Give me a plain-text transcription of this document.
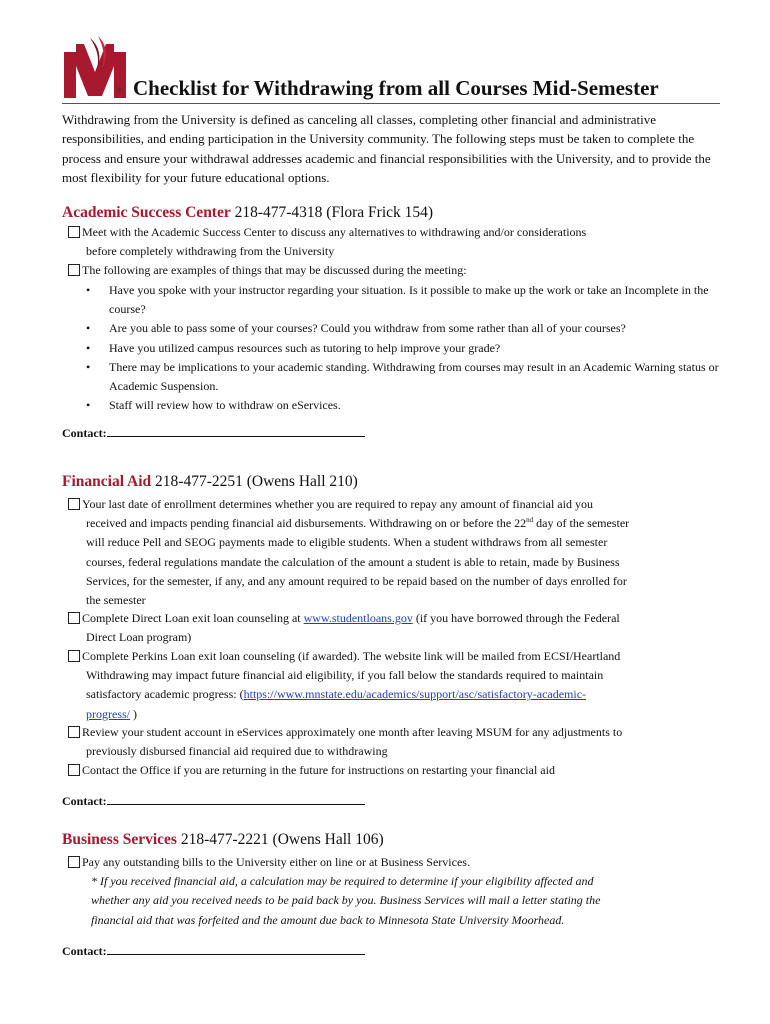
® Checklist for Withdrawing from all Courses Mid-Semester

Withdrawing from the University is defined as canceling all classes, completing other financial and administrative responsibilities, and ending participation in the University community. The following steps must be taken to complete the process and ensure your withdrawal addresses academic and financial responsibilities with the University, and to provide the most flexibility for your future educational options.

Academic Success Center 218-477-4318 (Flora Frick 154)
Meet with the Academic Success Center to discuss any alternatives to withdrawing and/or considerations
before completely withdrawing from the University
The following are examples of things that may be discussed during the meeting:
• Have you spoke with your instructor regarding your situation. Is it possible to make up the work or take an Incomplete in the course?
• Are you able to pass some of your courses? Could you withdraw from some rather than all of your courses?
• Have you utilized campus resources such as tutoring to help improve your grade?
• There may be implications to your academic standing. Withdrawing from courses may result in an Academic Warning status or Academic Suspension.
• Staff will review how to withdraw on eServices.
Contact:
Financial Aid 218-477-2251 (Owens Hall 210)
Your last date of enrollment determines whether you are required to repay any amount of financial aid you
received and impacts pending financial aid disbursements. Withdrawing on or before the 22nd day of the semester
will reduce Pell and SEOG payments made to eligible students. When a student withdraws from all semester
courses, federal regulations mandate the calculation of the amount a student is able to retain, made by Business
Services, for the semester, if any, and any amount required to be repaid based on the number of days enrolled for
the semester
Complete Direct Loan exit loan counseling at www.studentloans.gov (if you have borrowed through the Federal
Direct Loan program)
Complete Perkins Loan exit loan counseling (if awarded). The website link will be mailed from ECSI/Heartland
Withdrawing may impact future financial aid eligibility, if you fall below the standards required to maintain
satisfactory academic progress: (https://www.mnstate.edu/academics/support/asc/satisfactory-academic-
progress/ )
Review your student account in eServices approximately one month after leaving MSUM for any adjustments to
previously disbursed financial aid required due to withdrawing
Contact the Office if you are returning in the future for instructions on restarting your financial aid
Contact:
Business Services 218-477-2221 (Owens Hall 106)
Pay any outstanding bills to the University either on line or at Business Services.
* If you received financial aid, a calculation may be required to determine if your eligibility affected and
whether any aid you received needs to be paid back by you. Business Services will mail a letter stating the
financial aid that was forfeited and the amount due back to Minnesota State University Moorhead.
Contact:
